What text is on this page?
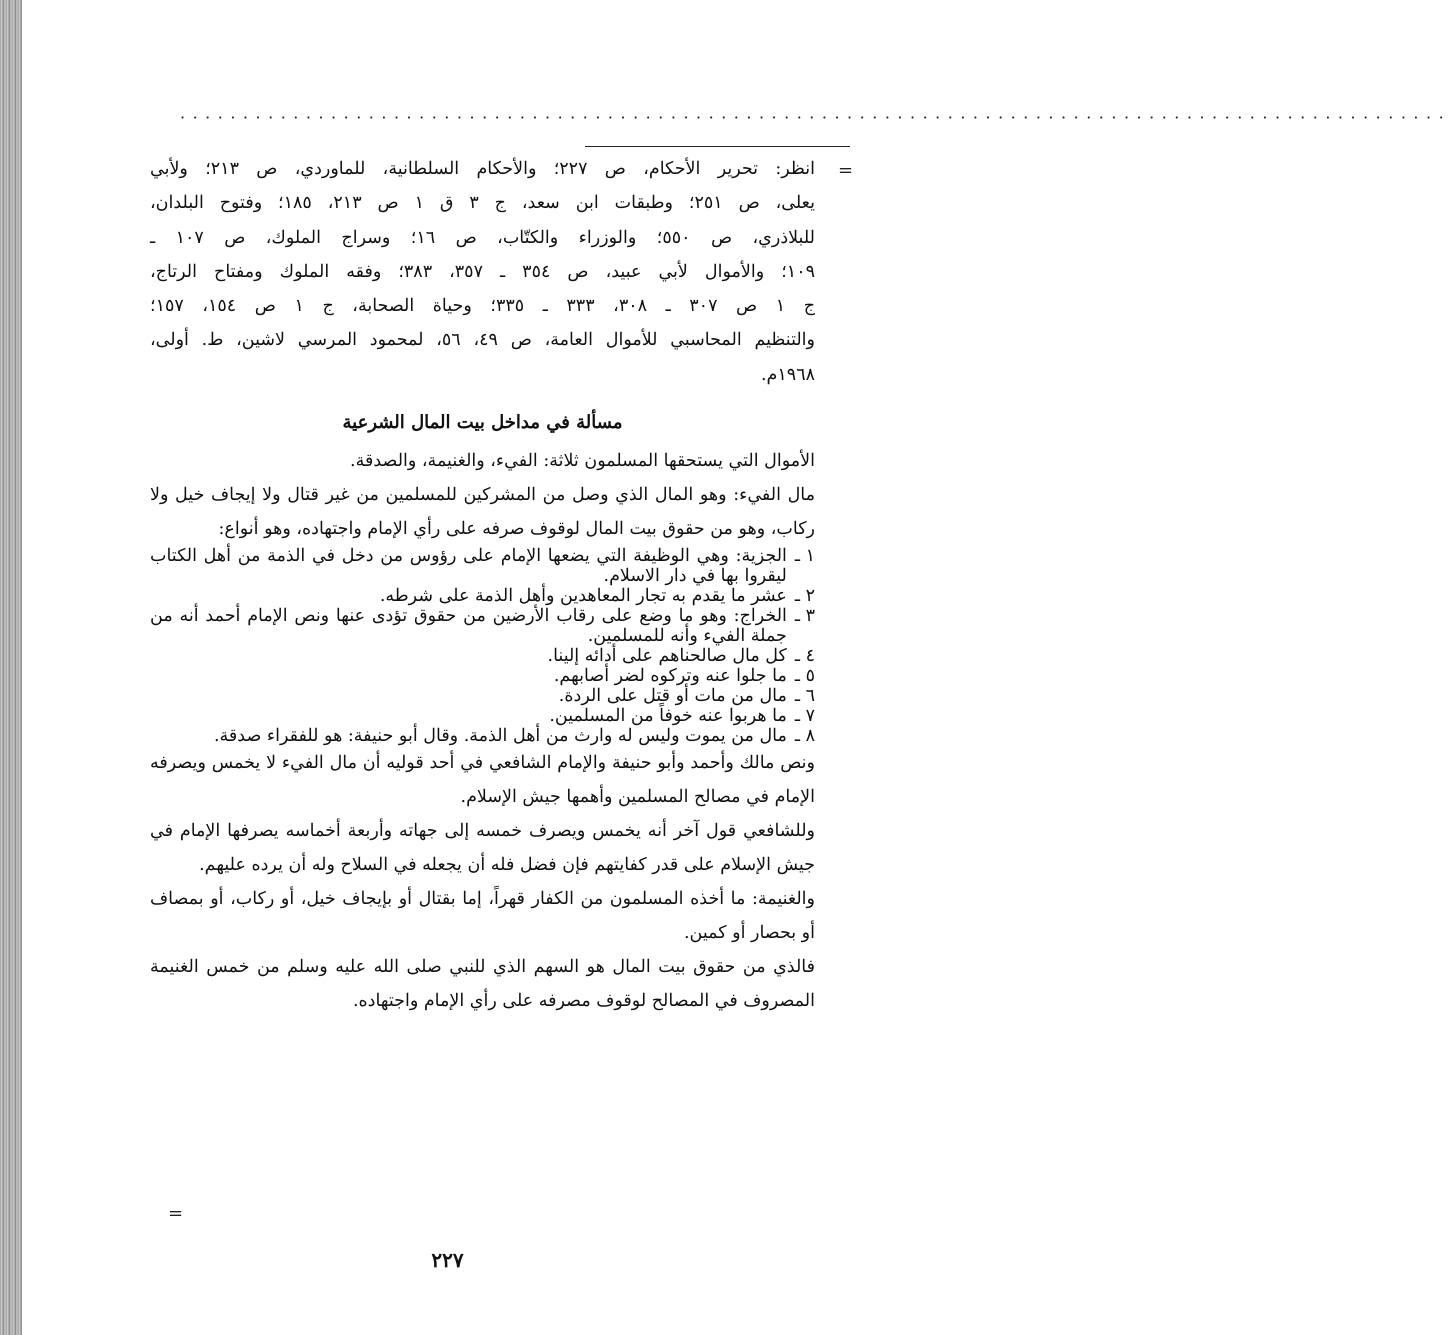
·····································································································
=

انظر: تحرير الأحكام، ص ٢٢٧؛ والأحكام السلطانية، للماوردي، ص ٢١٣؛ ولأبي

يعلى، ص ٢٥١؛ وطبقات ابن سعد، ج ٣ ق ١ ص ٢١٣، ١٨٥؛ وفتوح البلدان،

للبلاذري، ص ٥٥٠؛ والوزراء والكتّاب، ص ١٦؛ وسراج الملوك، ص ١٠٧ ـ

١٠٩؛ والأموال لأبي عبيد، ص ٣٥٤ ـ ٣٥٧، ٣٨٣؛ وفقه الملوك ومفتاح الرتاج،

ج ١ ص ٣٠٧ ـ ٣٠٨، ٣٣٣ ـ ٣٣٥؛ وحياة الصحابة، ج ١ ص ١٥٤، ١٥٧؛

والتنظيم المحاسبي للأموال العامة، ص ٤٩، ٥٦، لمحمود المرسي لاشين، ط. أولى،

١٩٦٨م.

مسألة في مداخل بيت المال الشرعية

الأموال التي يستحقها المسلمون ثلاثة: الفيء، والغنيمة، والصدقة.

مال الفيء: وهو المال الذي وصل من المشركين للمسلمين من غير قتال ولا إيجاف خيل ولا ركاب، وهو من حقوق بيت المال لوقوف صرفه على رأي الإمام واجتهاده، وهو أنواع:

١ ـ
الجزية: وهي الوظيفة التي يضعها الإمام على رؤوس من دخل في الذمة من أهل الكتاب ليقروا بها في دار الاسلام.
٢ ـ
عشر ما يقدم به تجار المعاهدين وأهل الذمة على شرطه.
٣ ـ
الخراج: وهو ما وضع على رقاب الأرضين من حقوق تؤدى عنها ونص الإمام أحمد أنه من جملة الفيء وأنه للمسلمين.
٤ ـ
كل مال صالحناهم على أدائه إلينا.
٥ ـ
ما جلوا عنه وتركوه لضر أصابهم.
٦ ـ
مال من مات أو قتل على الردة.
٧ ـ
ما هربوا عنه خوفاً من المسلمين.
٨ ـ
مال من يموت وليس له وارث من أهل الذمة. وقال أبو حنيفة: هو للفقراء صدقة.

ونص مالك وأحمد وأبو حنيفة والإمام الشافعي في أحد قوليه أن مال الفيء لا يخمس ويصرفه الإمام في مصالح المسلمين وأهمها جيش الإسلام.

وللشافعي قول آخر أنه يخمس ويصرف خمسه إلى جهاته وأربعة أخماسه يصرفها الإمام في جيش الإسلام على قدر كفايتهم فإن فضل فله أن يجعله في السلاح وله أن يرده عليهم.

والغنيمة: ما أخذه المسلمون من الكفار قهراً، إما بقتال أو بإيجاف خيل، أو ركاب، أو بمصاف أو بحصار أو كمين.

فالذي من حقوق بيت المال هو السهم الذي للنبي صلى الله عليه وسلم من خمس الغنيمة المصروف في المصالح لوقوف مصرفه على رأي الإمام واجتهاده.

=
٢٢٧
